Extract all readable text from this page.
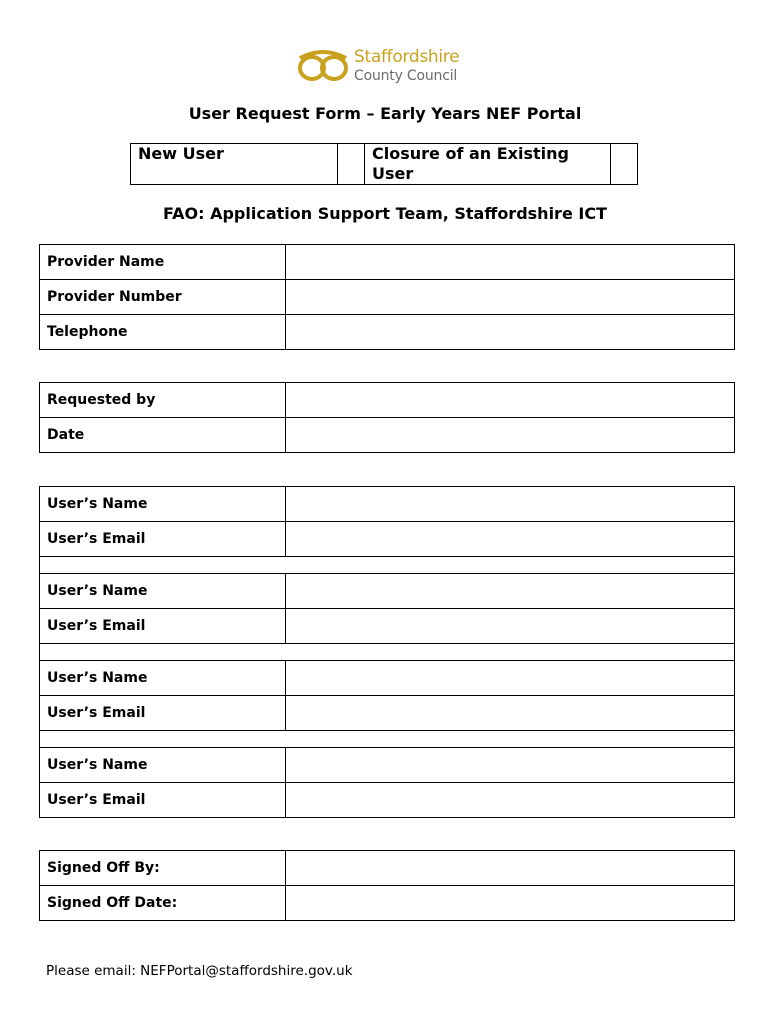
Staffordshire
County Council
User Request Form – Early Years NEF Portal
New User		Closure of an Existing User	
FAO: Application Support Team, Staffordshire ICT
Provider Name	
Provider Number	
Telephone	
Requested by	
Date	
User’s Name	
User’s Email	

User’s Name	
User’s Email	

User’s Name	
User’s Email	

User’s Name	
User’s Email	
Signed Off By:	
Signed Off Date:	
Please email: NEFPortal@staffordshire.gov.uk
